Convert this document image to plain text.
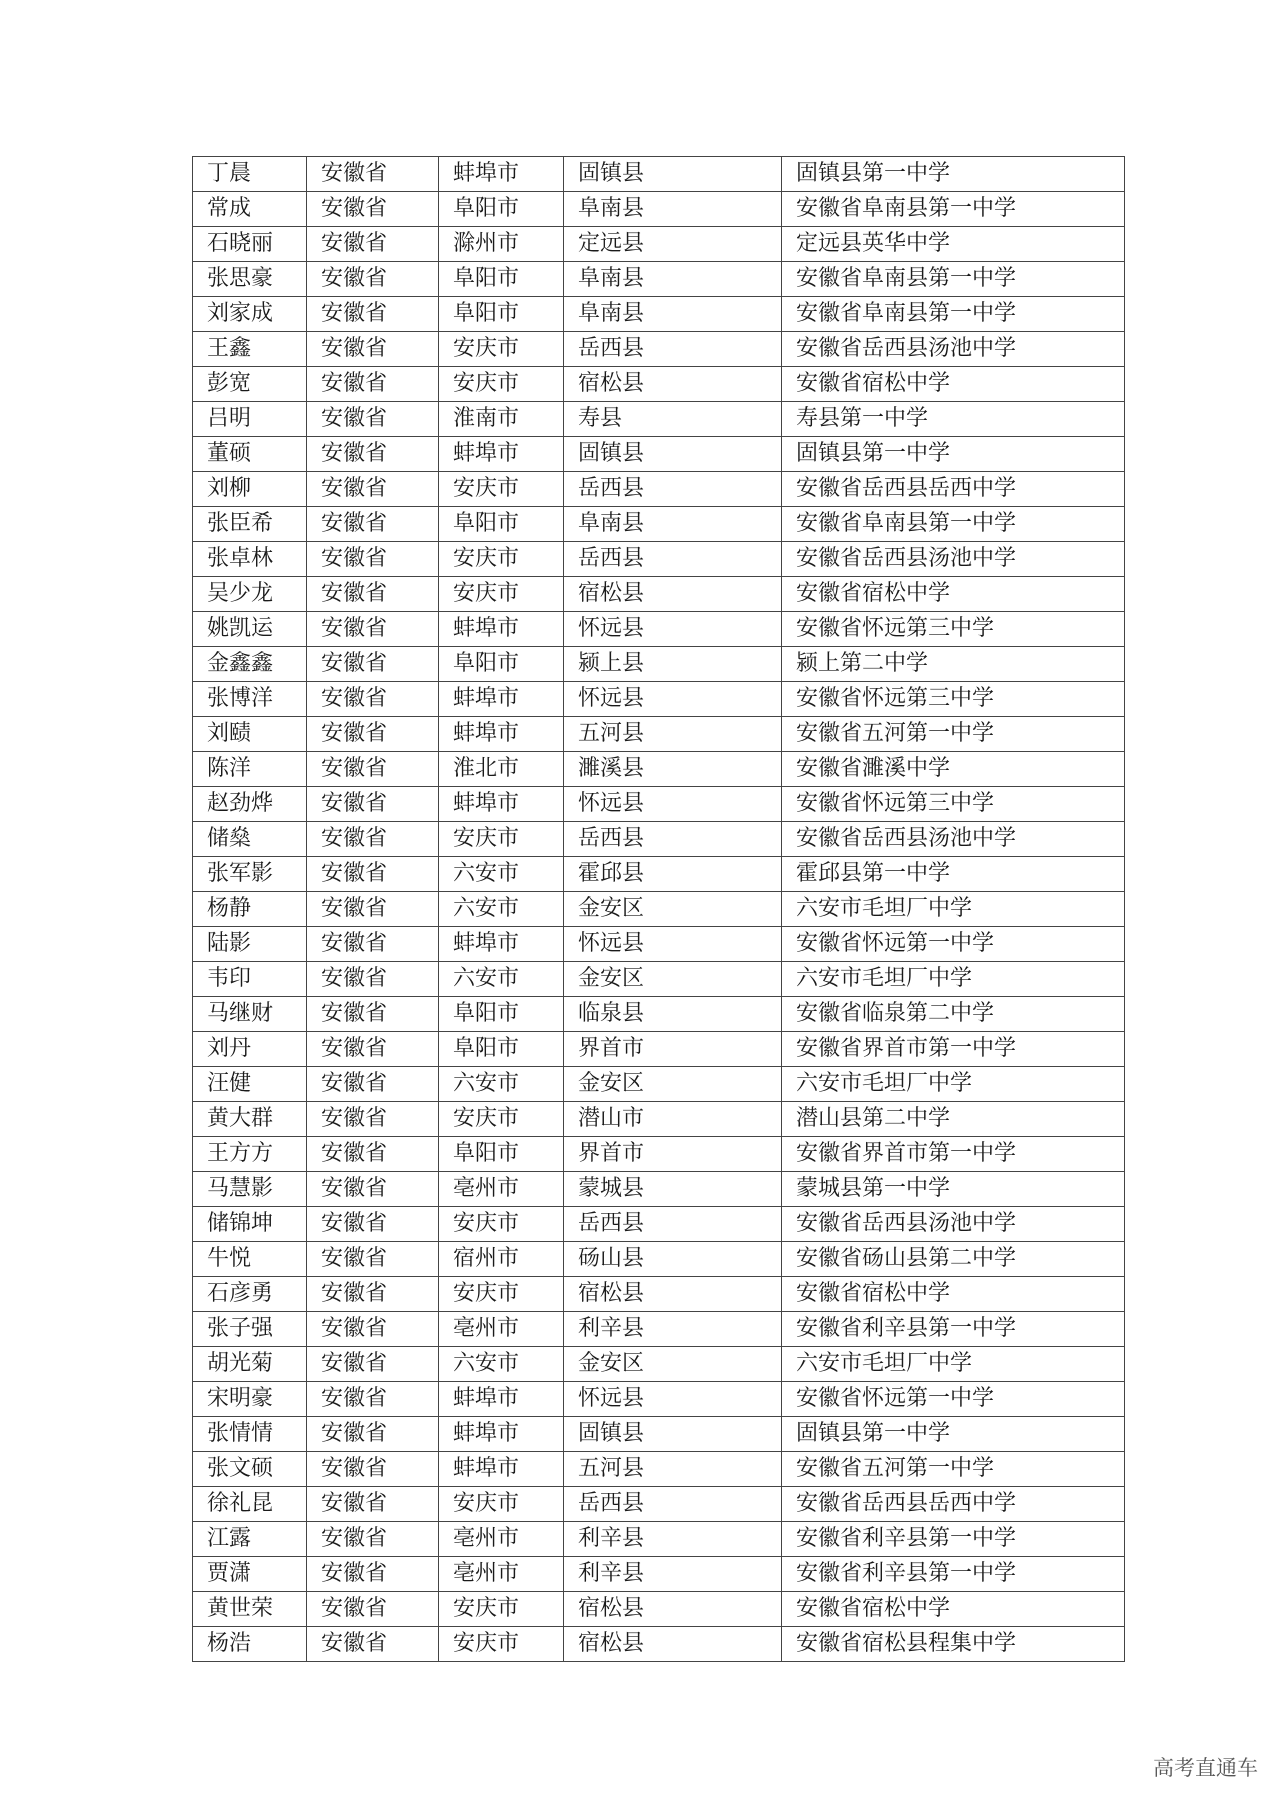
丁晨	安徽省	蚌埠市	固镇县	固镇县第一中学
常成	安徽省	阜阳市	阜南县	安徽省阜南县第一中学
石晓丽	安徽省	滁州市	定远县	定远县英华中学
张思豪	安徽省	阜阳市	阜南县	安徽省阜南县第一中学
刘家成	安徽省	阜阳市	阜南县	安徽省阜南县第一中学
王鑫	安徽省	安庆市	岳西县	安徽省岳西县汤池中学
彭宽	安徽省	安庆市	宿松县	安徽省宿松中学
吕明	安徽省	淮南市	寿县	寿县第一中学
董硕	安徽省	蚌埠市	固镇县	固镇县第一中学
刘柳	安徽省	安庆市	岳西县	安徽省岳西县岳西中学
张臣希	安徽省	阜阳市	阜南县	安徽省阜南县第一中学
张卓林	安徽省	安庆市	岳西县	安徽省岳西县汤池中学
吴少龙	安徽省	安庆市	宿松县	安徽省宿松中学
姚凯运	安徽省	蚌埠市	怀远县	安徽省怀远第三中学
金鑫鑫	安徽省	阜阳市	颍上县	颍上第二中学
张博洋	安徽省	蚌埠市	怀远县	安徽省怀远第三中学
刘赜	安徽省	蚌埠市	五河县	安徽省五河第一中学
陈洋	安徽省	淮北市	濉溪县	安徽省濉溪中学
赵劲烨	安徽省	蚌埠市	怀远县	安徽省怀远第三中学
储燊	安徽省	安庆市	岳西县	安徽省岳西县汤池中学
张军影	安徽省	六安市	霍邱县	霍邱县第一中学
杨静	安徽省	六安市	金安区	六安市毛坦厂中学
陆影	安徽省	蚌埠市	怀远县	安徽省怀远第一中学
韦印	安徽省	六安市	金安区	六安市毛坦厂中学
马继财	安徽省	阜阳市	临泉县	安徽省临泉第二中学
刘丹	安徽省	阜阳市	界首市	安徽省界首市第一中学
汪健	安徽省	六安市	金安区	六安市毛坦厂中学
黄大群	安徽省	安庆市	潜山市	潜山县第二中学
王方方	安徽省	阜阳市	界首市	安徽省界首市第一中学
马慧影	安徽省	亳州市	蒙城县	蒙城县第一中学
储锦坤	安徽省	安庆市	岳西县	安徽省岳西县汤池中学
牛悦	安徽省	宿州市	砀山县	安徽省砀山县第二中学
石彦勇	安徽省	安庆市	宿松县	安徽省宿松中学
张子强	安徽省	亳州市	利辛县	安徽省利辛县第一中学
胡光菊	安徽省	六安市	金安区	六安市毛坦厂中学
宋明豪	安徽省	蚌埠市	怀远县	安徽省怀远第一中学
张情情	安徽省	蚌埠市	固镇县	固镇县第一中学
张文硕	安徽省	蚌埠市	五河县	安徽省五河第一中学
徐礼昆	安徽省	安庆市	岳西县	安徽省岳西县岳西中学
江露	安徽省	亳州市	利辛县	安徽省利辛县第一中学
贾潇	安徽省	亳州市	利辛县	安徽省利辛县第一中学
黄世荣	安徽省	安庆市	宿松县	安徽省宿松中学
杨浩	安徽省	安庆市	宿松县	安徽省宿松县程集中学
高考直通车
